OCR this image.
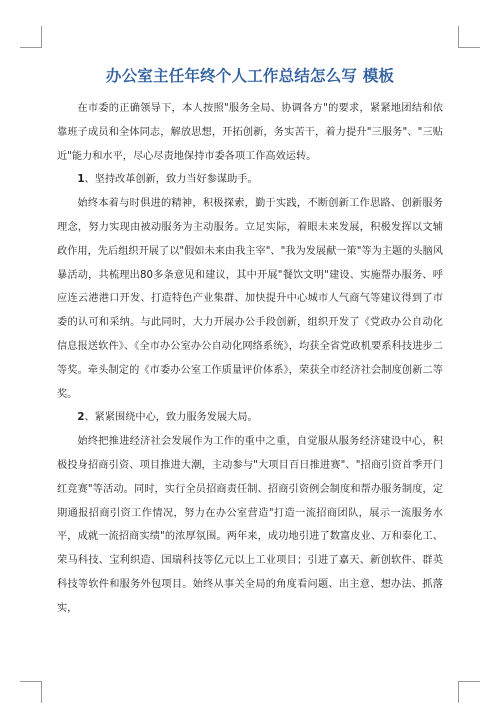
办公室主任年终个人工作总结怎么写 模板

在市委的正确领导下，本人按照"服务全局、协调各方"的要求，紧紧地团结和依靠班子成员和全体同志，解放思想，开拓创新，务实苦干，着力提升"三服务"、"三贴近"能力和水平，尽心尽责地保持市委各项工作高效运转。

1、坚持改革创新，致力当好参谋助手。

始终本着与时俱进的精神，积极探索，勤于实践，不断创新工作思路、创新服务理念，努力实现由被动服务为主动服务。立足实际，着眼未来发展，积极发挥以文辅政作用，先后组织开展了以"假如未来由我主宰"、"我为发展献一策"等为主题的头脑风暴活动，共梳理出80多条意见和建议，其中开展"餐饮文明"建设、实施帮办服务、呼应连云港港口开发、打造特色产业集群、加快提升中心城市人气商气等建议得到了市委的认可和采纳。与此同时，大力开展办公手段创新，组织开发了《党政办公自动化信息报送软件》、《全市办公室办公自动化网络系统》，均获全省党政机要系科技进步二等奖。牵头制定的《市委办公室工作质量评价体系》，荣获全市经济社会制度创新二等奖。

2、紧紧围绕中心，致力服务发展大局。

始终把推进经济社会发展作为工作的重中之重，自觉服从服务经济建设中心，积极投身招商引资、项目推进大潮，主动参与"大项目百日推进赛"、"招商引资首季开门红竞赛"等活动。同时，实行全员招商责任制、招商引资例会制度和帮办服务制度，定期通报招商引资工作情况，努力在办公室营造"打造一流招商团队，展示一流服务水平，成就一流招商实绩"的浓厚氛围。两年来，成功地引进了数富皮业、万和泰化工、荣马科技、宝利织造、国瑞科技等亿元以上工业项目；引进了嘉天、新创软件、群英科技等软件和服务外包项目。始终从事关全局的角度看问题、出主意、想办法、抓落实，
